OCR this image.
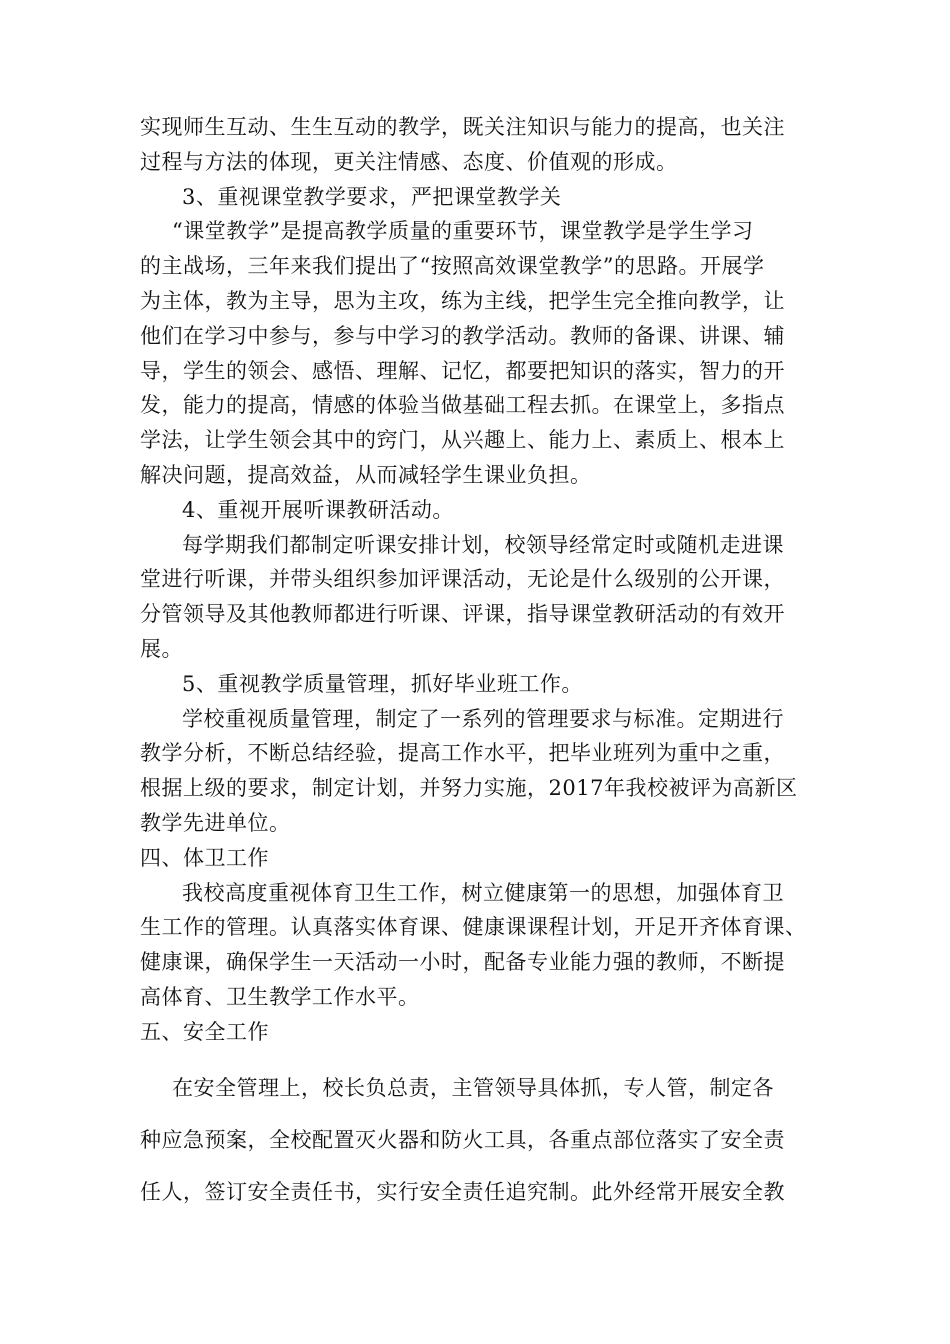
实现师生互动、生生互动的教学，既关注知识与能力的提高，也关注
过程与方法的体现，更关注情感、态度、价值观的形成。
3、重视课堂教学要求，严把课堂教学关
“课堂教学”是提高教学质量的重要环节，课堂教学是学生学习
的主战场，三年来我们提出了“按照高效课堂教学”的思路。开展学
为主体，教为主导，思为主攻，练为主线，把学生完全推向教学，让
他们在学习中参与，参与中学习的教学活动。教师的备课、讲课、辅
导，学生的领会、感悟、理解、记忆，都要把知识的落实，智力的开
发，能力的提高，情感的体验当做基础工程去抓。在课堂上，多指点
学法，让学生领会其中的窍门，从兴趣上、能力上、素质上、根本上
解决问题，提高效益，从而减轻学生课业负担。
4、重视开展听课教研活动。
每学期我们都制定听课安排计划，校领导经常定时或随机走进课
堂进行听课，并带头组织参加评课活动，无论是什么级别的公开课，
分管领导及其他教师都进行听课、评课，指导课堂教研活动的有效开
展。
5、重视教学质量管理，抓好毕业班工作。
学校重视质量管理，制定了一系列的管理要求与标准。定期进行
教学分析，不断总结经验，提高工作水平，把毕业班列为重中之重，
根据上级的要求，制定计划，并努力实施，2017年我校被评为高新区
教学先进单位。
四、体卫工作
我校高度重视体育卫生工作，树立健康第一的思想，加强体育卫
生工作的管理。认真落实体育课、健康课课程计划，开足开齐体育课、
健康课，确保学生一天活动一小时，配备专业能力强的教师，不断提
高体育、卫生教学工作水平。
五、安全工作
在安全管理上，校长负总责，主管领导具体抓，专人管，制定各
种应急预案，全校配置灭火器和防火工具，各重点部位落实了安全责
任人，签订安全责任书，实行安全责任追究制。此外经常开展安全教
